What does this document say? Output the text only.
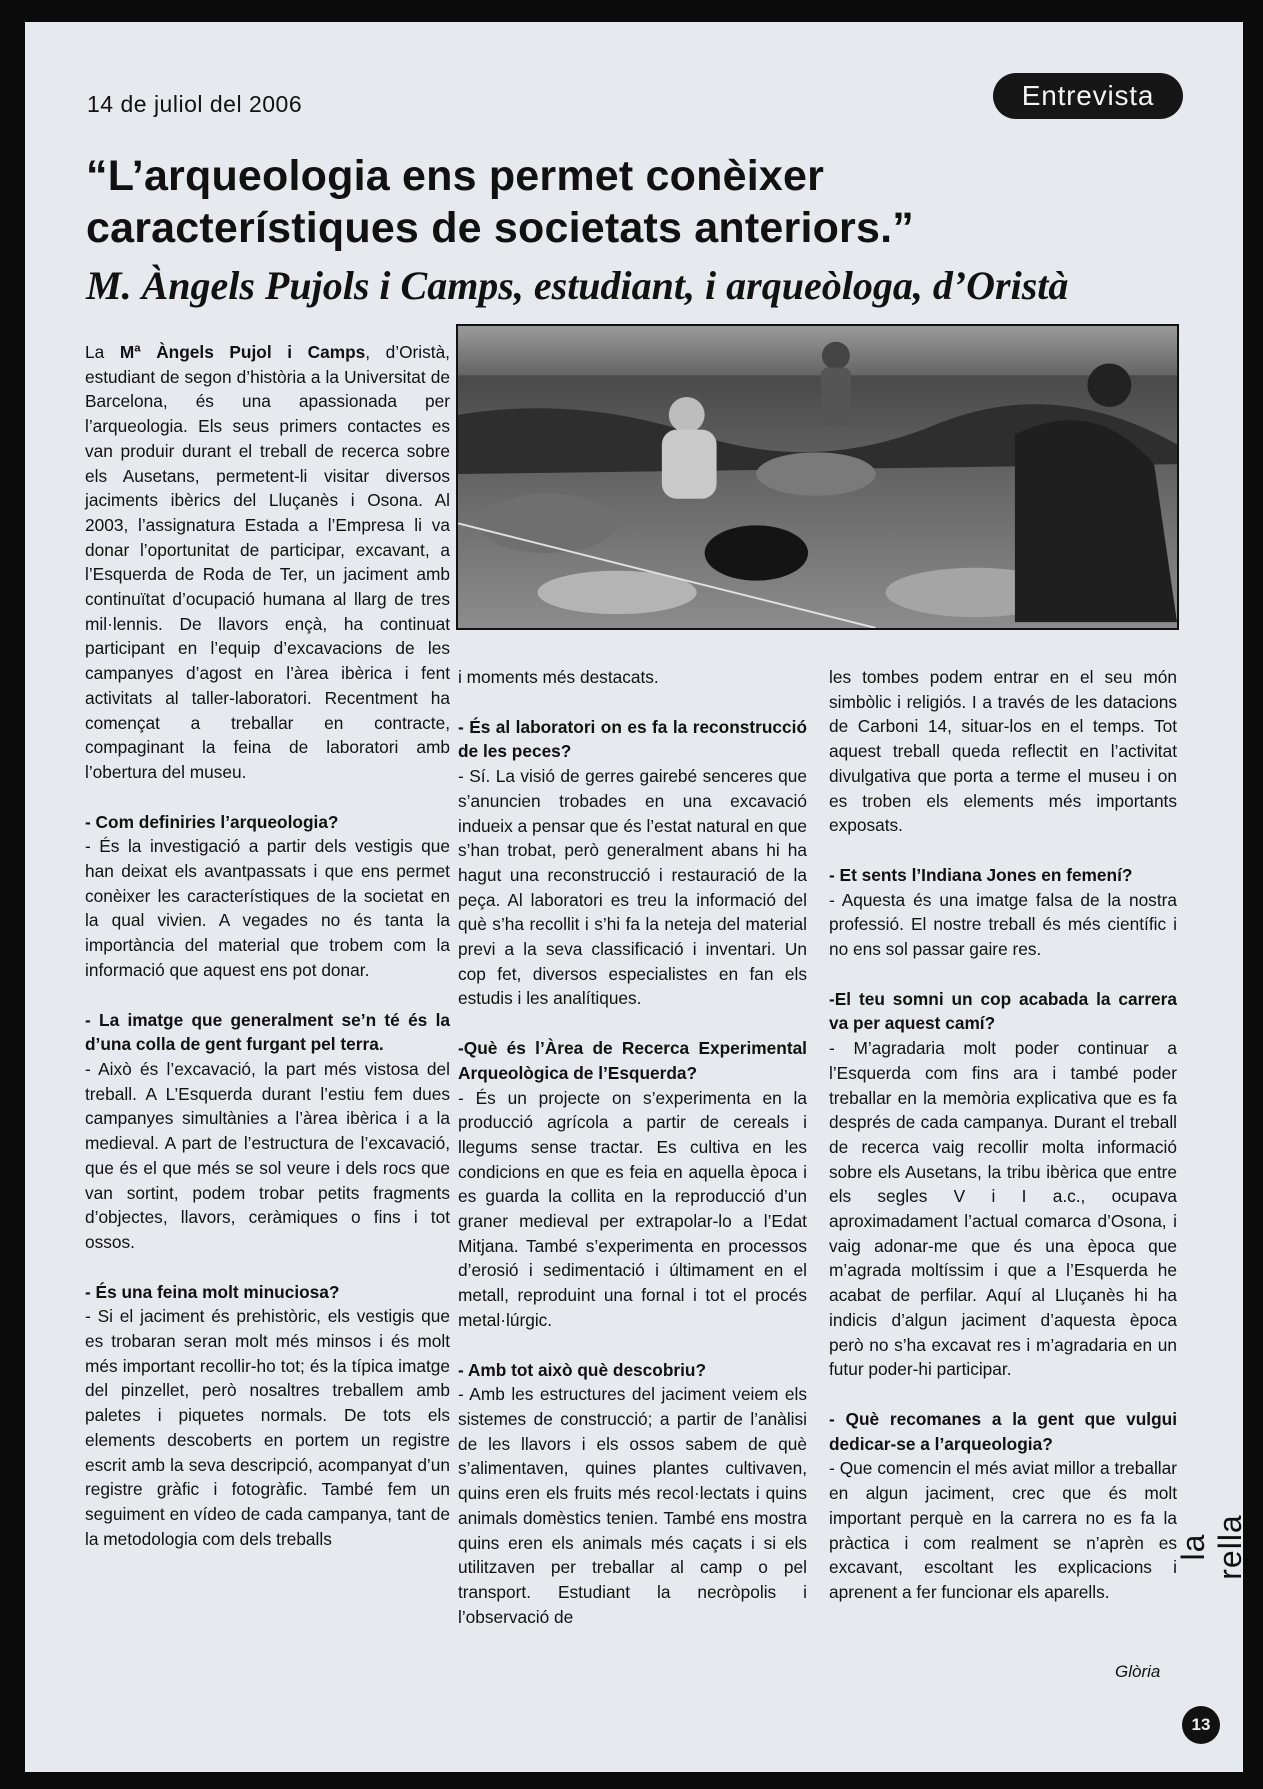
14 de juliol del 2006	Entrevista
“L’arqueologia ens permet conèixer
característiques de societats anteriors.”
M. Àngels Pujols i Camps, estudiant, i arqueòloga, d’Oristà

La Mª Àngels Pujol i Camps, d’Oristà, estudiant de segon d’història a la Universitat de Barcelona, és una apassionada per l’arqueologia. Els seus primers contactes es van produir durant el treball de recerca sobre els Ausetans, permetent-li visitar diversos jaciments ibèrics del Lluçanès i Osona. Al 2003, l’assignatura Estada a l’Empresa li va donar l’oportunitat de participar, excavant, a l’Esquerda de Roda de Ter, un jaciment amb continuïtat d’ocupació humana al llarg de tres mil·lennis. De llavors ençà, ha continuat participant en l’equip d’excavacions de les campanyes d’agost en l’àrea ibèrica i fent activitats al taller-laboratori. Recentment ha començat a treballar en contracte, compaginant la feina de laboratori amb l’obertura del museu.

- Com definiries l’arqueologia?

- És la investigació a partir dels vestigis que han deixat els avantpassats i que ens permet conèixer les característiques de la societat en la qual vivien. A vegades no és tanta la importància del material que trobem com la informació que aquest ens pot donar.

- La imatge que generalment se’n té és la d’una colla de gent furgant pel terra.

- Això és l’excavació, la part més vistosa del treball. A L’Esquerda durant l’estiu fem dues campanyes simultànies a l’àrea ibèrica i a la medieval. A part de l’estructura de l’excavació, que és el que més se sol veure i dels rocs que van sortint, podem trobar petits fragments d’objectes, llavors, ceràmiques o fins i tot ossos.

- És una feina molt minuciosa?

- Si el jaciment és prehistòric, els vestigis que es trobaran seran molt més minsos i és molt més important recollir-ho tot; és la típica imatge del pinzellet, però nosaltres treballem amb paletes i piquetes normals. De tots els elements descoberts en portem un registre escrit amb la seva descripció, acompanyat d’un registre gràfic i fotogràfic. També fem un seguiment en vídeo de cada campanya, tant de la metodologia com dels treballs

i moments més destacats.

- És al laboratori on es fa la reconstrucció de les peces?

- Sí. La visió de gerres gairebé senceres que s’anuncien trobades en una excavació indueix a pensar que és l’estat natural en que s’han trobat, però generalment abans hi ha hagut una reconstrucció i restauració de la peça. Al laboratori es treu la informació del què s’ha recollit i s’hi fa la neteja del material previ a la seva classificació i inventari. Un cop fet, diversos especialistes en fan els estudis i les analítiques.

-Què és l’Àrea de Recerca Experimental Arqueològica de l’Esquerda?

- És un projecte on s’experimenta en la producció agrícola a partir de cereals i llegums sense tractar. Es cultiva en les condicions en que es feia en aquella època i es guarda la collita en la reproducció d’un graner medieval per extrapolar-lo a l’Edat Mitjana. També s’experimenta en processos d’erosió i sedimentació i últimament en el metall, reproduint una fornal i tot el procés metal·lúrgic.

- Amb tot això què descobriu?

- Amb les estructures del jaciment veiem els sistemes de construcció; a partir de l’anàlisi de les llavors i els ossos sabem de què s’alimentaven, quines plantes cultivaven, quins eren els fruits més recol·lectats i quins animals domèstics tenien. També ens mostra quins eren els animals més caçats i si els utilitzaven per treballar al camp o pel transport. Estudiant la necròpolis i l’observació de

les tombes podem entrar en el seu món simbòlic i religiós. I a través de les datacions de Carboni 14, situar-los en el temps. Tot aquest treball queda reflectit en l’activitat divulgativa que porta a terme el museu i on es troben els elements més importants exposats.

- Et sents l’Indiana Jones en femení?

- Aquesta és una imatge falsa de la nostra professió. El nostre treball és més científic i no ens sol passar gaire res.

-El teu somni un cop acabada la carrera va per aquest camí?

- M’agradaria molt poder continuar a l’Esquerda com fins ara i també poder treballar en la memòria explicativa que es fa després de cada campanya. Durant el treball de recerca vaig recollir molta informació sobre els Ausetans, la tribu ibèrica que entre els segles V i I a.c., ocupava aproximadament l’actual comarca d’Osona, i vaig adonar-me que és una època que m’agrada moltíssim i que a l’Esquerda he acabat de perfilar. Aquí al Lluçanès hi ha indicis d’algun jaciment d’aquesta època però no s’ha excavat res i m’agradaria en un futur poder-hi participar.

- Què recomanes a la gent que vulgui dedicar-se a l’arqueologia?

- Que comencin el més aviat millor a treballar en algun jaciment, crec que és molt important perquè en la carrera no es fa la pràctica i com realment se n’aprèn es excavant, escoltant les explicacions i aprenent a fer funcionar els aparells.

Glòria
la rella
13
